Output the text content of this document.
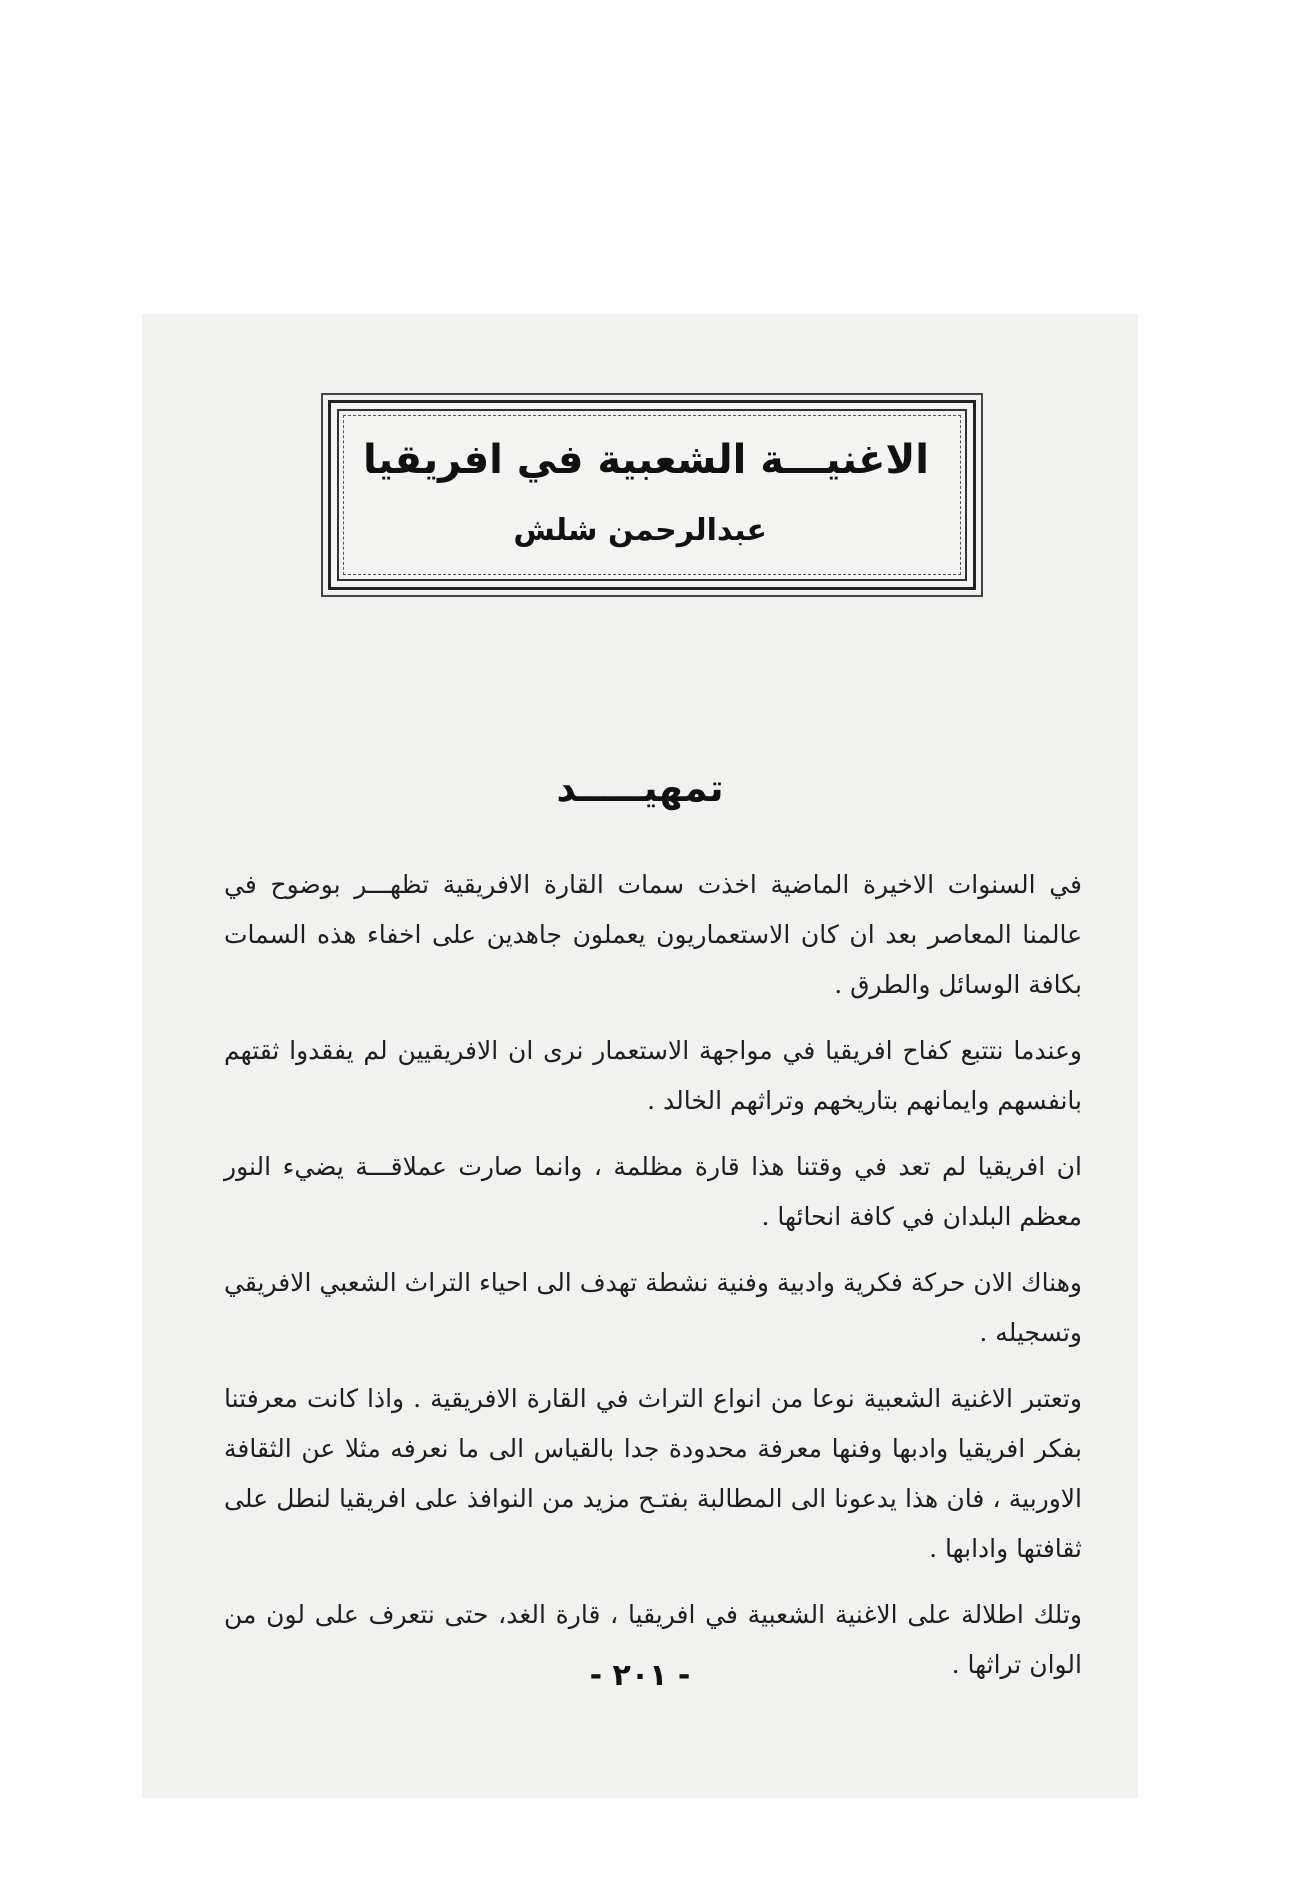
الاغنيـــة الشعبية في افريقيا
عبدالرحمن شلش
تمهيـــــد

في السنوات الاخيرة الماضية اخذت سمات القارة الافريقية تظهـــر بوضوح في عالمنا المعاصر بعد ان كان الاستعماريون يعملون جاهدين على اخفاء هذه السمات بكافة الوسائل والطرق .

وعندما نتتبع كفاح افريقيا في مواجهة الاستعمار نرى ان الافريقيين لم يفقدوا ثقتهم بانفسهم وايمانهم بتاريخهم وتراثهم الخالد .

ان افريقيا لم تعد في وقتنا هذا قارة مظلمة ، وانما صارت عملاقـــة يضيء النور معظم البلدان في كافة انحائها .

وهناك الان حركة فكرية وادبية وفنية نشطة تهدف الى احياء التراث الشعبي الافريقي وتسجيله .

وتعتبر الاغنية الشعبية نوعا من انواع التراث في القارة الافريقية . واذا كانت معرفتنا بفكر افريقيا وادبها وفنها معرفة محدودة جدا بالقياس الى ما نعرفه مثلا عن الثقافة الاوربية ، فان هذا يدعونا الى المطالبة بفتـح مزيد من النوافذ على افريقيا لنطل على ثقافتها وادابها .

وتلك اطلالة على الاغنية الشعبية في افريقيا ، قارة الغد، حتى نتعرف على لون من الوان تراثها .

- ٢٠١ -
